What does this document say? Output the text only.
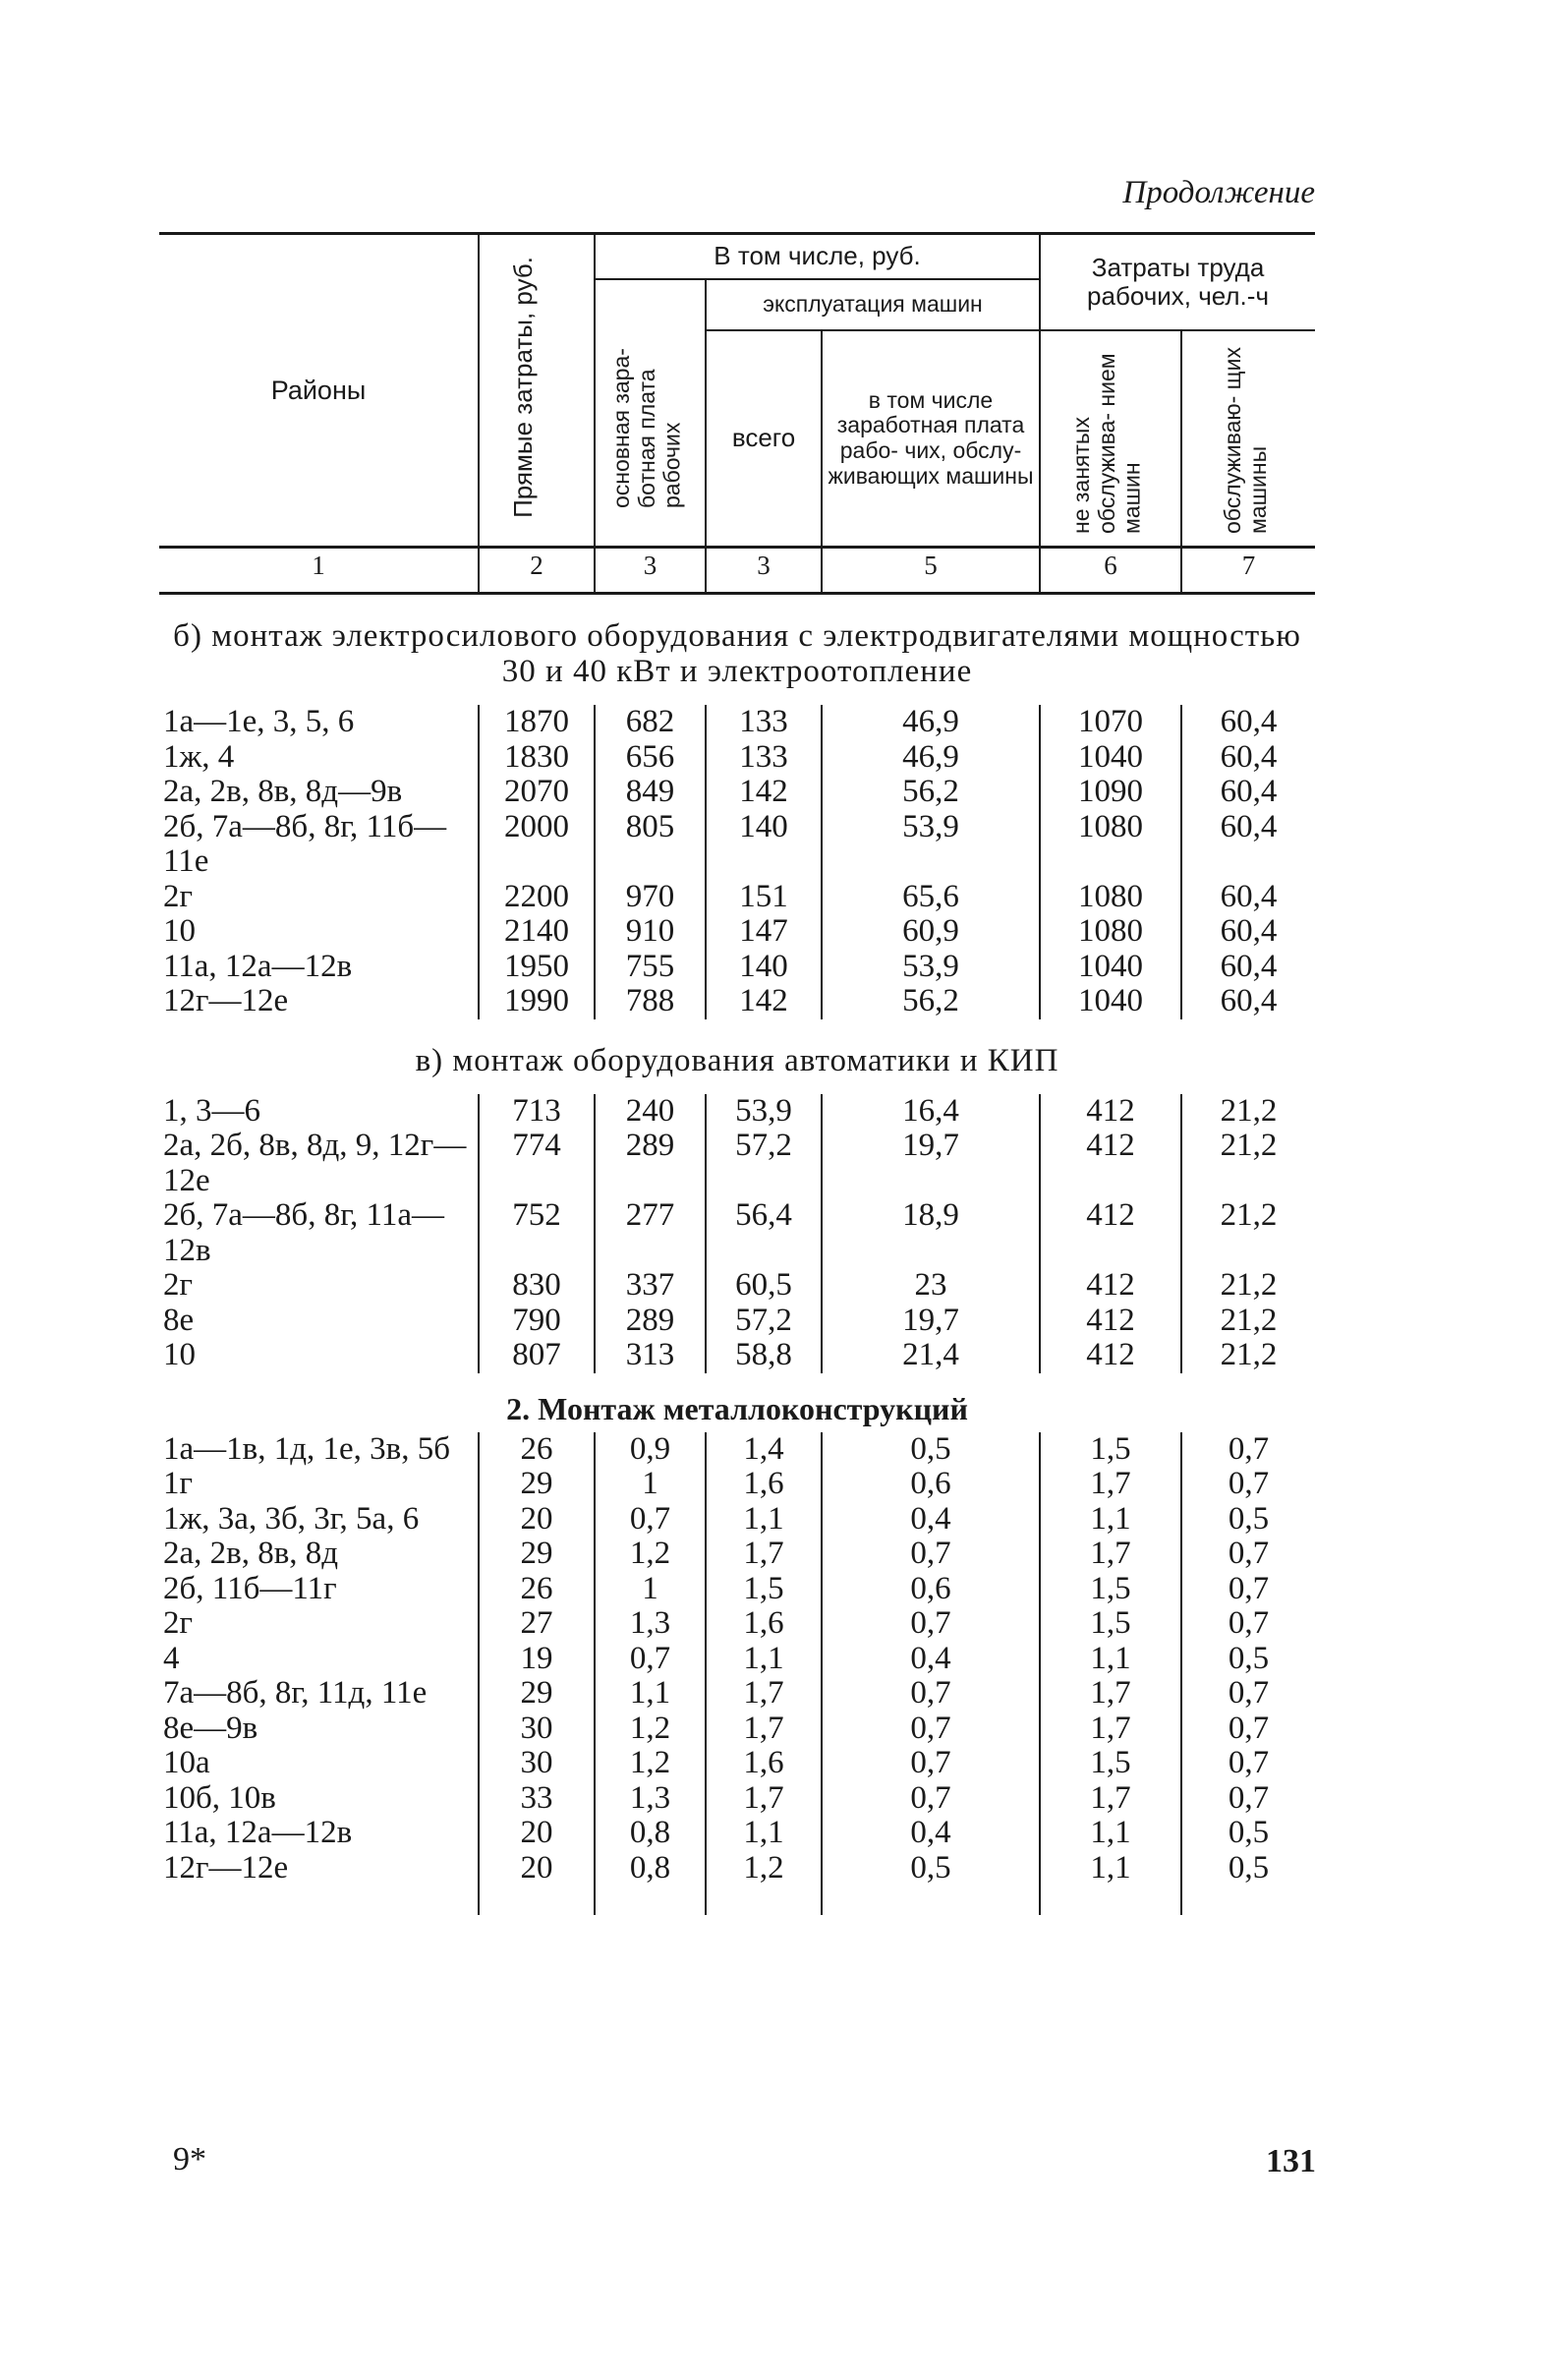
Продолжение
Районы	Прямые затраты, руб.	В том числе, руб.			Затраты труда рабочих, чел.-ч	
		основная зара- ботная плата рабочих	эксплуатация машин			
			всего	в том числе заработная плата рабо- чих, обслу- живающих машины	не занятых обслужива- нием машин	обслуживаю- щих машины
1	2	3	3	5	6	7
б) монтаж электросилового оборудования с электродвигателями мощностью 30 и 40 кВт и электроотопление						
1а—1е, 3, 5, 6	1870	682	133	46,9	1070	60,4
1ж, 4	1830	656	133	46,9	1040	60,4
2а, 2в, 8в, 8д—9в	2070	849	142	56,2	1090	60,4
2б, 7а—8б, 8г, 11б—11е	2000	805	140	53,9	1080	60,4
2г	2200	970	151	65,6	1080	60,4
10	2140	910	147	60,9	1080	60,4
11а, 12а—12в	1950	755	140	53,9	1040	60,4
12г—12е	1990	788	142	56,2	1040	60,4
в) монтаж оборудования автоматики и КИП						
1, 3—6	713	240	53,9	16,4	412	21,2
2а, 2б, 8в, 8д, 9, 12г—12е	774	289	57,2	19,7	412	21,2
2б, 7а—8б, 8г, 11а—12в	752	277	56,4	18,9	412	21,2
2г	830	337	60,5	23	412	21,2
8е	790	289	57,2	19,7	412	21,2
10	807	313	58,8	21,4	412	21,2
2. Монтаж металлоконструкций						
1а—1в, 1д, 1е, 3в, 5б	26	0,9	1,4	0,5	1,5	0,7
1г	29	1	1,6	0,6	1,7	0,7
1ж, 3а, 3б, 3г, 5а, 6	20	0,7	1,1	0,4	1,1	0,5
2а, 2в, 8в, 8д	29	1,2	1,7	0,7	1,7	0,7
2б, 11б—11г	26	1	1,5	0,6	1,5	0,7
2г	27	1,3	1,6	0,7	1,5	0,7
4	19	0,7	1,1	0,4	1,1	0,5
7а—8б, 8г, 11д, 11е	29	1,1	1,7	0,7	1,7	0,7
8е—9в	30	1,2	1,7	0,7	1,7	0,7
10а	30	1,2	1,6	0,7	1,5	0,7
10б, 10в	33	1,3	1,7	0,7	1,7	0,7
11а, 12а—12в	20	0,8	1,1	0,4	1,1	0,5
12г—12е	20	0,8	1,2	0,5	1,1	0,5

9*	131
